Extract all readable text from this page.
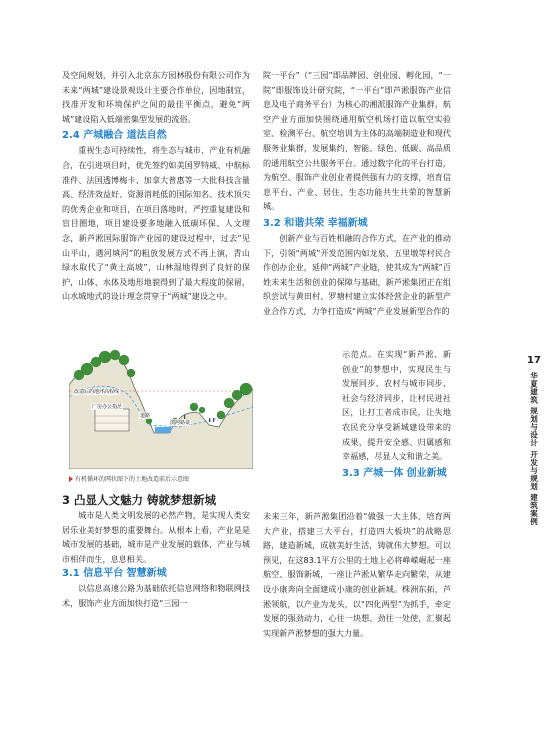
及空间规划，并引入北京东方园林股份有限公司作为未来“两城”建设景观设计主要合作单位，因地制宜，找准开发和环境保护之间的最佳平衡点，避免“两城”建设陷入低端密集型发展的流俗。

2.4 产城融合 道法自然

重视生态可持续性，将生态与城市、产业有机融合，在引进项目时，优先签约如美国罗特威、中航标准件、法国透博梅卡、加拿大普惠等一大批科技含量高、经济效益好、资源消耗低的国际知名、技术顶尖的优秀企业和项目，在项目落地时，严控重复建设和盲目圈地，项目建设要多地融入低碳环保、人文理念，新芦淞国际服饰产业园的建设过程中，过去“见山平山，遇河填河”的粗放发展方式不再上演，青山绿水取代了“黄土高坡”，山林湿地得到了良好的保护，山体、水体及地形地貌得到了最大程度的保留，山水城地式的设计理念贯穿于“两城”建设之中。

改造后的地坪高程线
厂房办公指范
道路
滨河路桌
有机循环的网状图下的土地改造前后示意图

3 凸显人文魅力 铸就梦想新城

城市是人类文明发展的必然产物，是实现人类安居乐业美好梦想的重要舞台。从根本上看，产业是是城市发展的基础，城市是产业发展的载体，产业与城市相伴而生，息息相关。

3.1 信息平台 智慧新城

以信息高速公路为基础依托信息网络和物联网技术，服饰产业方面加快打造“三园一

院一平台”（“三园”即品牌园、创业园、孵化园，“一院”即服饰设计研究院，“一平台”即芦淞服饰产业信息及电子商务平台）为核心的湘派服饰产业集群，航空产业方面加快围绕通用航空机场打造以航空实验室、检测平台、航空培训为主体的高端制造业和现代服务业集群，发展集约、智能、绿色、低碳、高品质的通用航空公共服务平台。通过数字化的平台打造，为航空、服饰产业创业者提供强有力的支撑，培育信息平台、产业、居住、生态功能共生共荣的智慧新城。

3.2 和谐共荣 幸福新城

创新产业与百姓相融的合作方式，在产业的推动下，引领“两城”开发范围内如龙泉、五里墩等村民合作创办企业，延伸“两城”产业链，使其成为“两城”百姓未来生活和创业的保障与基础，新芦淞集团正在组织尝试与黄田村、罗塘村建立实体经营企业的新型产业合作方式，力争打造成“两城”产业发展新型合作的

示范点。在实现“新芦淞、新创业”的梦想中，实现民生与发展同步、农村与城市同步、社会与经济同步，让村民进社区，让打工者成市民，让失地农民充分享受新城建设带来的成果，提升安全感、归属感和幸福感，尽显人文和谐之美。

3.3 产城一体 创业新城

未来三年，新芦淞集团沿着“做强一大主体，培育两大产业，搭建三大平台，打造四大板块”的战略思路，建造新城，成就美好生活，铸就伟大梦想。可以预见，在这83.1平方公里的土地上必将峥嵘崛起一座航空、服饰新城，一座让芦淞从繁华走向繁荣，从建设小康奔向全面建成小康的创业新城。株洲东拓，芦淞领航，以产业为龙头，以“四化两型”为抓手，牵定发展的强劲动力，心往一块想、劲往一处使，汇聚起实现新芦淞梦想的强大力量。

17
华夏建筑 规划与设计 开发与规划 建筑案例
